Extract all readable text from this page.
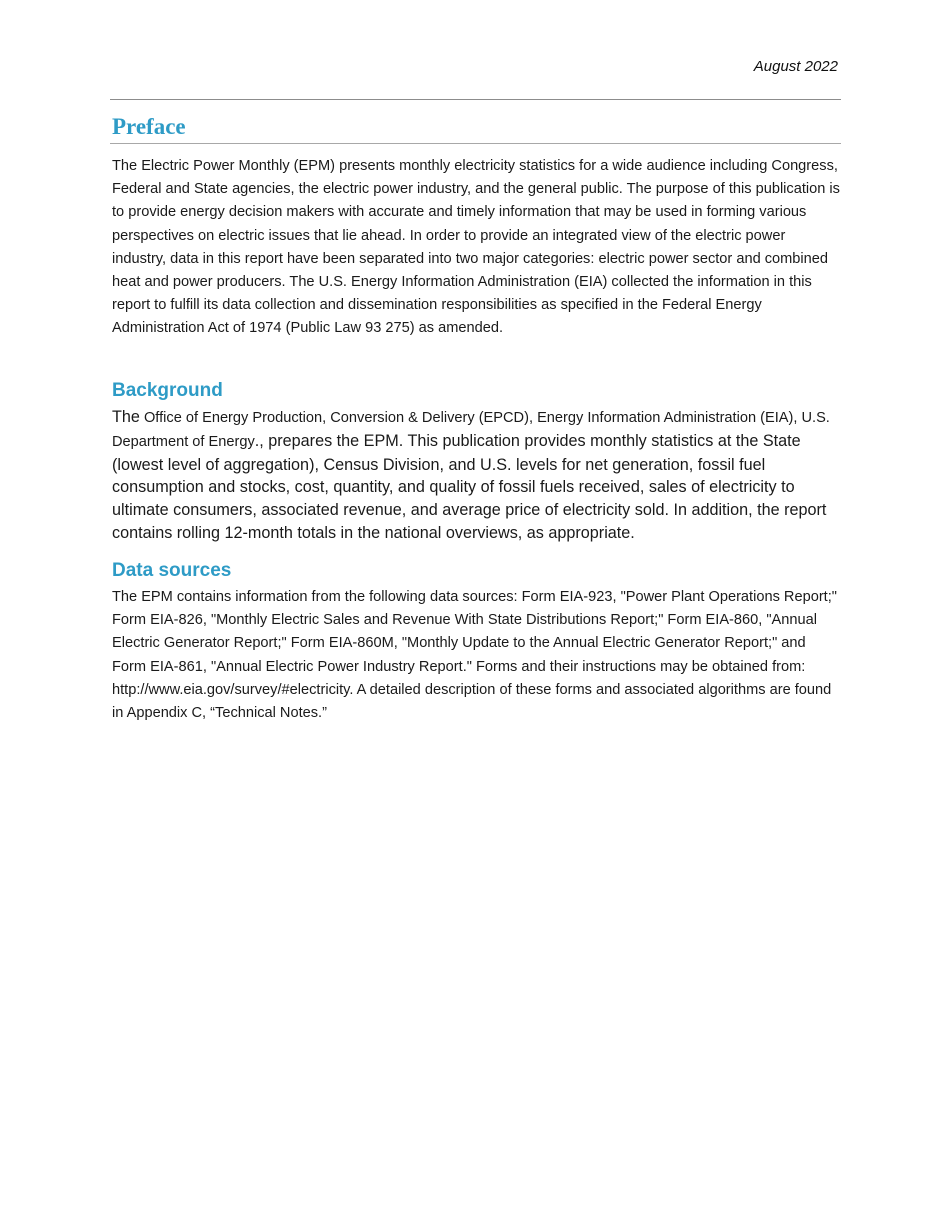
August 2022
Preface

The Electric Power Monthly (EPM) presents monthly electricity statistics for a wide audience including Congress, Federal and State agencies, the electric power industry, and the general public. The purpose of this publication is to provide energy decision makers with accurate and timely information that may be used in forming various perspectives on electric issues that lie ahead. In order to provide an integrated view of the electric power industry, data in this report have been separated into two major categories: electric power sector and combined heat and power producers. The U.S. Energy Information Administration (EIA) collected the information in this report to fulfill its data collection and dissemination responsibilities as specified in the Federal Energy Administration Act of 1974 (Public Law 93 275) as amended.

Background

The Office of Energy Production, Conversion & Delivery (EPCD), Energy Information Administration (EIA), U.S. Department of Energy., prepares the EPM. This publication provides monthly statistics at the State (lowest level of aggregation), Census Division, and U.S. levels for net generation, fossil fuel consumption and stocks, cost, quantity, and quality of fossil fuels received, sales of electricity to ultimate consumers, associated revenue, and average price of electricity sold. In addition, the report contains rolling 12-month totals in the national overviews, as appropriate.

Data sources

The EPM contains information from the following data sources: Form EIA-923, "Power Plant Operations Report;" Form EIA-826, "Monthly Electric Sales and Revenue With State Distributions Report;" Form EIA-860, "Annual Electric Generator Report;" Form EIA-860M, "Monthly Update to the Annual Electric Generator Report;" and Form EIA-861, "Annual Electric Power Industry Report." Forms and their instructions may be obtained from: http://www.eia.gov/survey/#electricity. A detailed description of these forms and associated algorithms are found in Appendix C, “Technical Notes.”
